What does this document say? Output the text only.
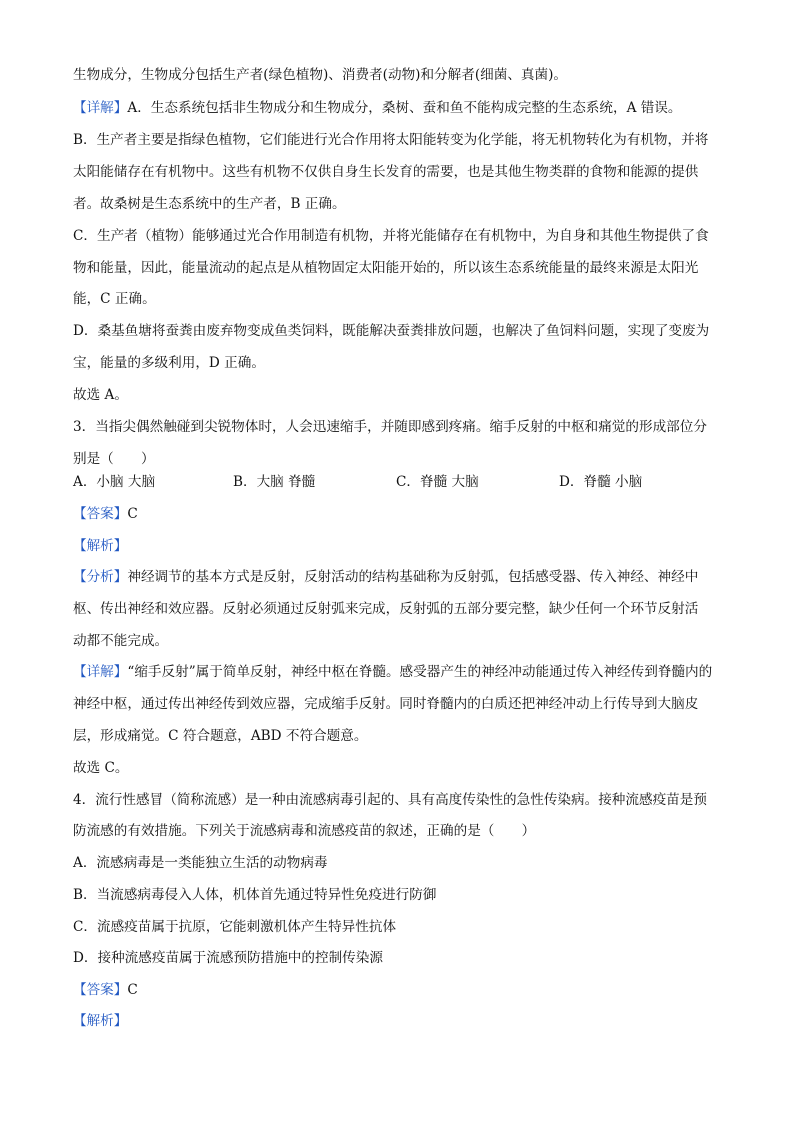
生物成分，生物成分包括生产者(绿色植物)、消费者(动物)和分解者(细菌、真菌)。
【详解】A．生态系统包括非生物成分和生物成分，桑树、蚕和鱼不能构成完整的生态系统，A 错误。
B．生产者主要是指绿色植物，它们能进行光合作用将太阳能转变为化学能，将无机物转化为有机物，并将
太阳能储存在有机物中。这些有机物不仅供自身生长发育的需要，也是其他生物类群的食物和能源的提供
者。故桑树是生态系统中的生产者，B 正确。
C．生产者（植物）能够通过光合作用制造有机物，并将光能储存在有机物中，为自身和其他生物提供了食
物和能量，因此，能量流动的起点是从植物固定太阳能开始的，所以该生态系统能量的最终来源是太阳光
能，C 正确。
D．桑基鱼塘将蚕粪由废弃物变成鱼类饲料，既能解决蚕粪排放问题，也解决了鱼饲料问题，实现了变废为
宝，能量的多级利用，D 正确。
故选 A。
3．当指尖偶然触碰到尖锐物体时，人会迅速缩手，并随即感到疼痛。缩手反射的中枢和痛觉的形成部位分
别是（　　）
A．小脑 大脑	B．大脑 脊髓	C．脊髓 大脑	D．脊髓 小脑
【答案】C
【解析】
【分析】神经调节的基本方式是反射，反射活动的结构基础称为反射弧，包括感受器、传入神经、神经中
枢、传出神经和效应器。反射必须通过反射弧来完成，反射弧的五部分要完整，缺少任何一个环节反射活
动都不能完成。
【详解】“缩手反射”属于简单反射，神经中枢在脊髓。感受器产生的神经冲动能通过传入神经传到脊髓内的
神经中枢，通过传出神经传到效应器，完成缩手反射。同时脊髓内的白质还把神经冲动上行传导到大脑皮
层，形成痛觉。C 符合题意，ABD 不符合题意。
故选 C。
4．流行性感冒（简称流感）是一种由流感病毒引起的、具有高度传染性的急性传染病。接种流感疫苗是预
防流感的有效措施。下列关于流感病毒和流感疫苗的叙述，正确的是（　　）
A．流感病毒是一类能独立生活的动物病毒
B．当流感病毒侵入人体，机体首先通过特异性免疫进行防御
C．流感疫苗属于抗原，它能刺激机体产生特异性抗体
D．接种流感疫苗属于流感预防措施中的控制传染源
【答案】C
【解析】
